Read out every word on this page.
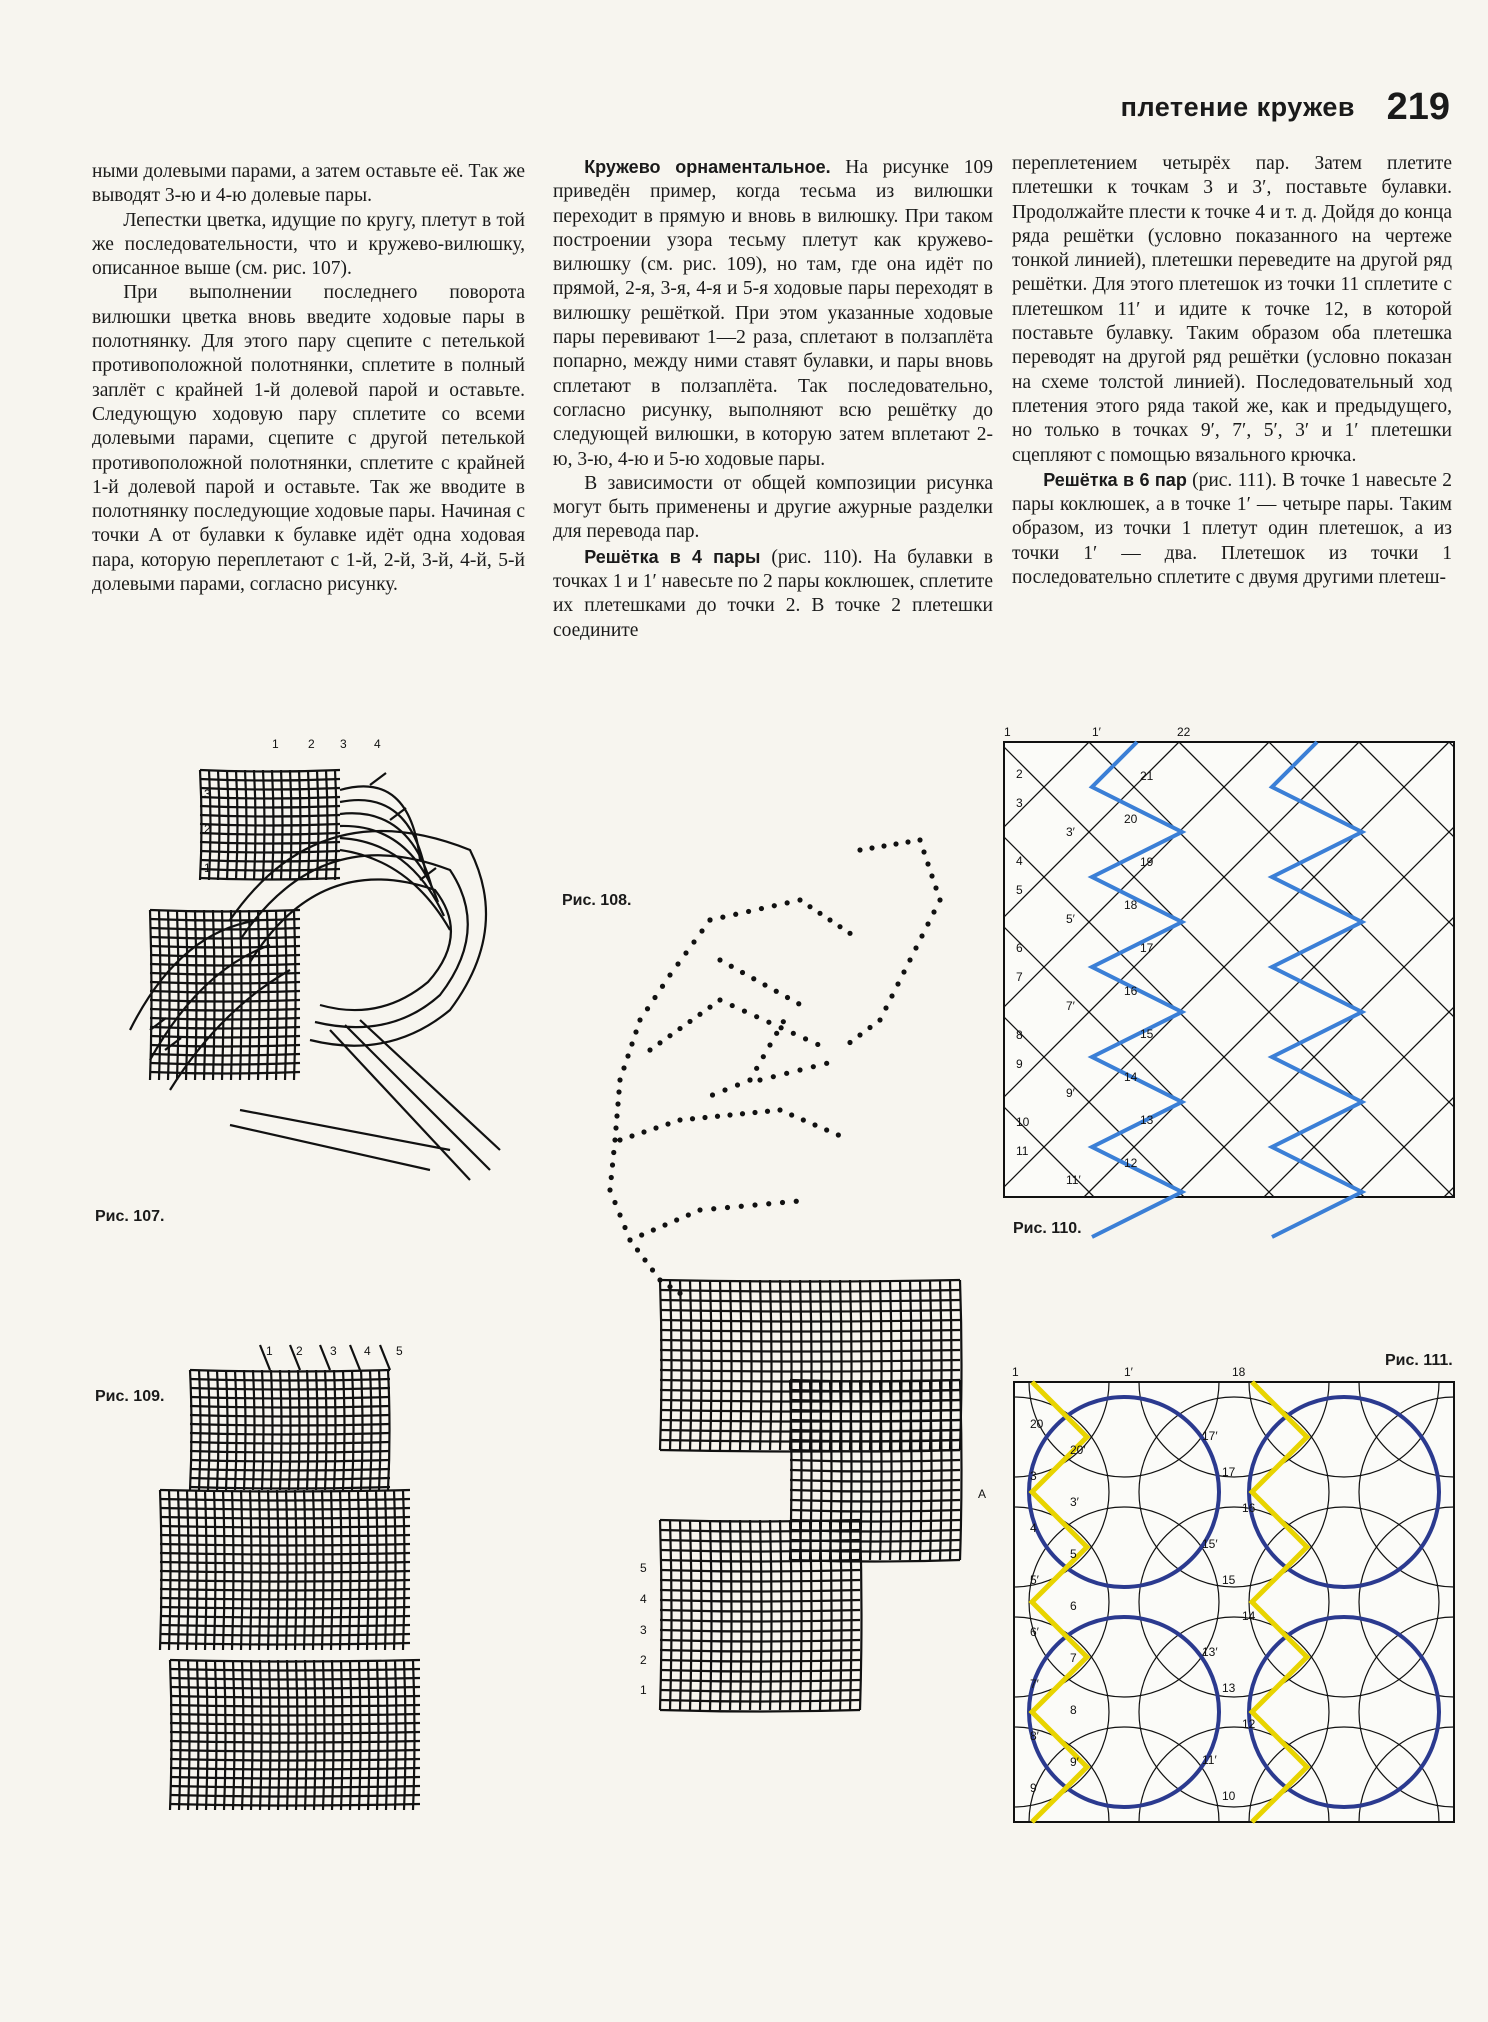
плетение кружев 219

ными долевыми парами, а затем оставьте её. Так же выводят 3-ю и 4-ю долевые пары.

Лепестки цветка, идущие по кругу, плетут в той же последовательности, что и кружево-вилюшку, описанное выше (см. рис. 107).

При выполнении последнего поворота вилюшки цветка вновь введите ходовые пары в полотнянку. Для этого пару сцепите с петелькой противоположной полотнянки, сплетите в полный заплёт с крайней 1-й долевой парой и оставьте. Следующую ходовую пару сплетите со всеми долевыми парами, сцепите с другой петелькой противоположной полотнянки, сплетите с крайней 1-й долевой парой и оставьте. Так же вводите в полотнянку последующие ходовые пары. Начиная с точки А от булавки к булавке идёт одна ходовая пара, которую переплетают с 1-й, 2-й, 3-й, 4-й, 5-й долевыми парами, согласно рисунку.

Кружево орнаментальное. На рисунке 109 приведён пример, когда тесьма из вилюшки переходит в прямую и вновь в вилюшку. При таком построении узора тесьму плетут как кружево-вилюшку (см. рис. 109), но там, где она идёт по прямой, 2-я, 3-я, 4-я и 5-я ходовые пары переходят в вилюшку решёткой. При этом указанные ходовые пары перевивают 1—2 раза, сплетают в ползаплёта попарно, между ними ставят булавки, и пары вновь сплетают в ползаплёта. Так последовательно, согласно рисунку, выполняют всю решётку до следующей вилюшки, в которую затем вплетают 2-ю, 3-ю, 4-ю и 5-ю ходовые пары.

В зависимости от общей композиции рисунка могут быть применены и другие ажурные разделки для перевода пар.

Решётка в 4 пары (рис. 110). На булавки в точках 1 и 1′ навесьте по 2 пары коклюшек, сплетите их плетешками до точки 2. В точке 2 плетешки соедините

переплетением четырёх пар. Затем плетите плетешки к точкам 3 и 3′, поставьте булавки. Продолжайте плести к точке 4 и т. д. Дойдя до конца ряда решётки (условно показанного на чертеже тонкой линией), плетешки переведите на другой ряд решётки. Для этого плетешок из точки 11 сплетите с плетешком 11′ и идите к точке 12, в которой поставьте булавку. Таким образом оба плетешка переводят на другой ряд решётки (условно показан на схеме толстой линией). Последовательный ход плетения этого ряда такой же, как и предыдущего, но только в точках 9′, 7′, 5′, 3′ и 1′ плетешки сцепляют с помощью вязального крючка.

Решётка в 6 пар (рис. 111). В точке 1 навесьте 2 пары коклюшек, а в точке 1′ — четыре пары. Таким образом, из точки 1 плетут один плетешок, а из точки 1′ — два. Плетешок из точки 1 последовательно сплетите с двумя другими плетеш-

1 2 3 4
3
2
1
Рис. 107.
5
4
3
2
1
A
Рис. 108.
1 2 3 4 5
Рис. 109.
1	1′	22
2
3
3′
4
5
5′
6
7
7′
8
9
9′
10
11
11′
21
20
19
18
17
16
15
14
13
12
Рис. 110.
Рис. 111.
1	1′	18
20
20′
3
3′
4
5
5′
6
6′
7
7′
8
8′
9′
9
17′
17
16
15′
15
14
13′
13
12
11′
10
